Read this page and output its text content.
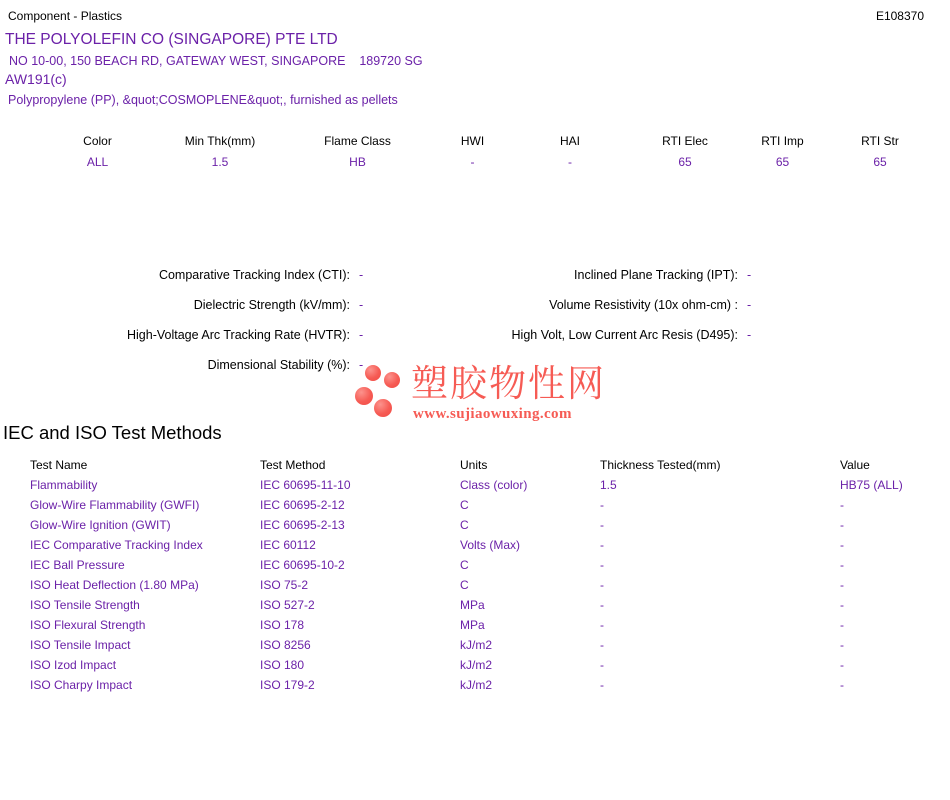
Component - Plastics	E108370
THE POLYOLEFIN CO (SINGAPORE) PTE LTD
NO 10-00, 150 BEACH RD, GATEWAY WEST, SINGAPORE    189720 SG
AW191(c)
Polypropylene (PP), &quot;COSMOPLENE&quot;, furnished as pellets
Color	Min Thk(mm)	Flame Class	HWI	HAI	RTI Elec	RTI Imp	RTI Str
ALL	1.5	HB	-	-	65	65	65
Comparative Tracking Index (CTI): -	Inclined Plane Tracking (IPT): -
Dielectric Strength (kV/mm): -	Volume Resistivity (10x ohm-cm) : -
High-Voltage Arc Tracking Rate (HVTR): -	High Volt, Low Current Arc Resis (D495): -
Dimensional Stability (%): - 塑胶物性网
www.sujiaowuxing.com
IEC and ISO Test Methods
Test Name	Test Method	Units	Thickness Tested(mm)	Value
Flammability	IEC 60695-11-10	Class (color)	1.5	HB75 (ALL)
Glow-Wire Flammability (GWFI)	IEC 60695-2-12	C	-	-
Glow-Wire Ignition (GWIT)	IEC 60695-2-13	C	-	-
IEC Comparative Tracking Index	IEC 60112	Volts (Max)	-	-
IEC Ball Pressure	IEC 60695-10-2	C	-	-
ISO Heat Deflection (1.80 MPa)	ISO 75-2	C	-	-
ISO Tensile Strength	ISO 527-2	MPa	-	-
ISO Flexural Strength	ISO 178	MPa	-	-
ISO Tensile Impact	ISO 8256	kJ/m2	-	-
ISO Izod Impact	ISO 180	kJ/m2	-	-
ISO Charpy Impact	ISO 179-2	kJ/m2	-	-
